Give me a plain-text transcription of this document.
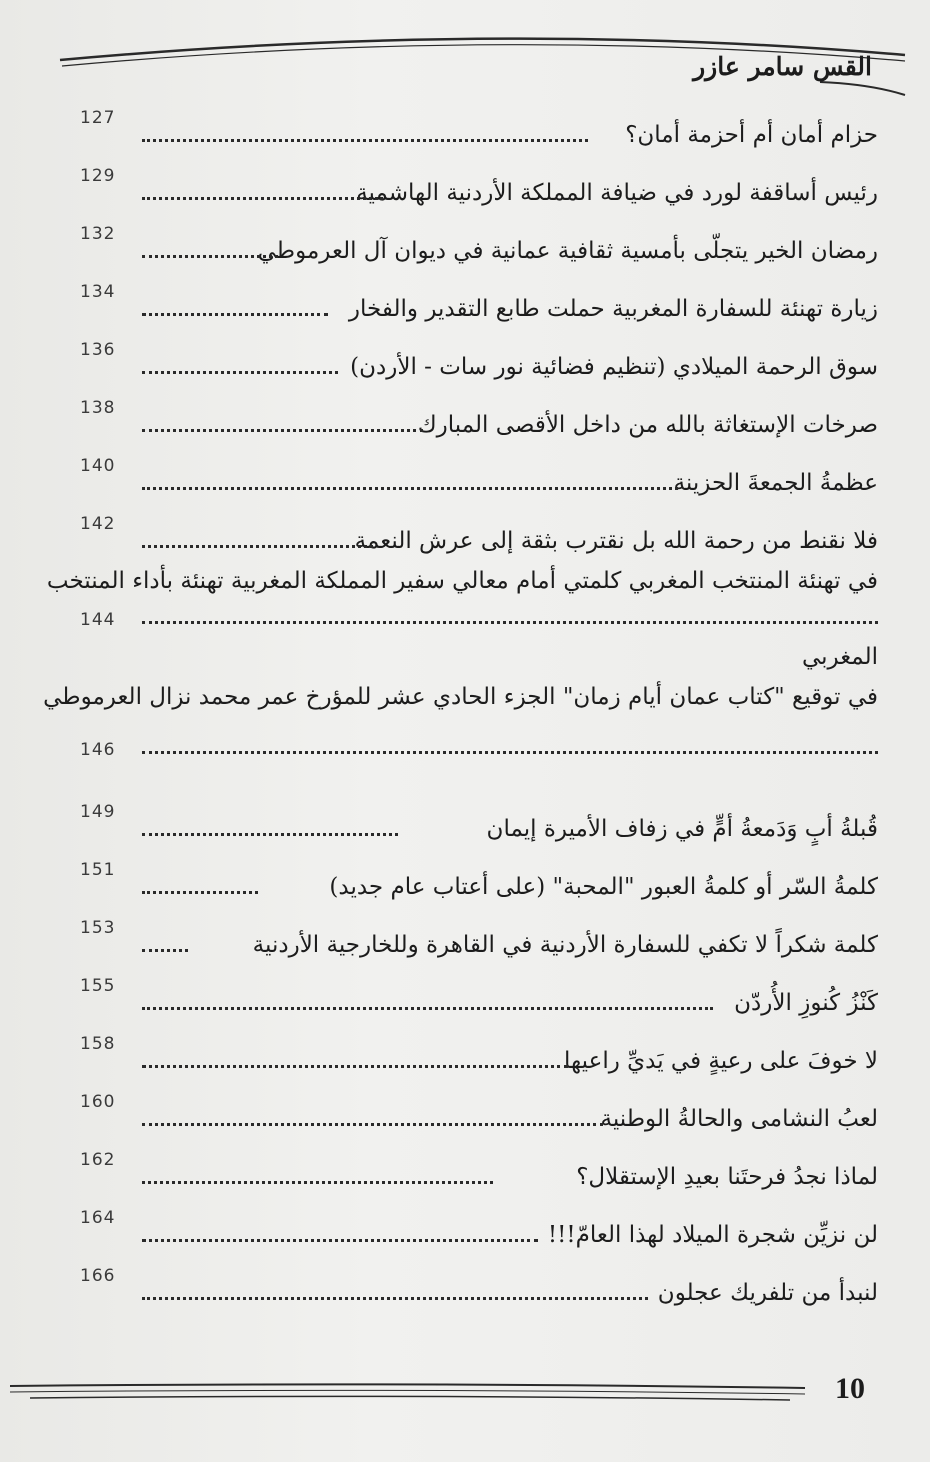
القس سامر عازر
حزام أمان أم أحزمة أمان؟
127
رئيس أساقفة لورد في ضيافة المملكة الأردنية الهاشمية
129
رمضان الخير يتجلّى بأمسية ثقافية عمانية في ديوان آل العرموطي
132
زيارة تهنئة للسفارة المغربية حملت طابع التقدير والفخار
134
سوق الرحمة الميلادي (تنظيم فضائية نور سات - الأردن)
136
صرخات الإستغاثة بالله من داخل الأقصى المبارك
138
عظمةُ الجمعةَ الحزينة
140
فلا نقنط من رحمة الله بل نقترب بثقة إلى عرش النعمة
142
في تهنئة المنتخب المغربي كلمتي أمام معالي سفير المملكة المغربية تهنئة بأداء المنتخب
المغربي
144
في توقيع "كتاب عمان أيام زمان" الجزء الحادي عشر للمؤرخ عمر محمد نزال العرموطي
146
قُبلةُ أبٍ وَدَمعةُ أمٍّ في زفاف الأميرة إيمان
149
كلمةُ السّر أو كلمةُ العبور "المحبة" (على أعتاب عام جديد)
151
كلمة شكراً لا تكفي للسفارة الأردنية في القاهرة وللخارجية الأردنية
153
كَنْزُ كُنوزِ الأُردّن
155
لا خوفَ على رعيةٍ في يَديِّ راعيها
158
لعبُ النشامى والحالةُ الوطنية
160
لماذا نجدُ فرحتَنا بعيدِ الإستقلال؟
162
لن نزيِّن شجرة الميلاد لهذا العامّ!!!
164
لنبدأ من تلفريك عجلون
166
10
